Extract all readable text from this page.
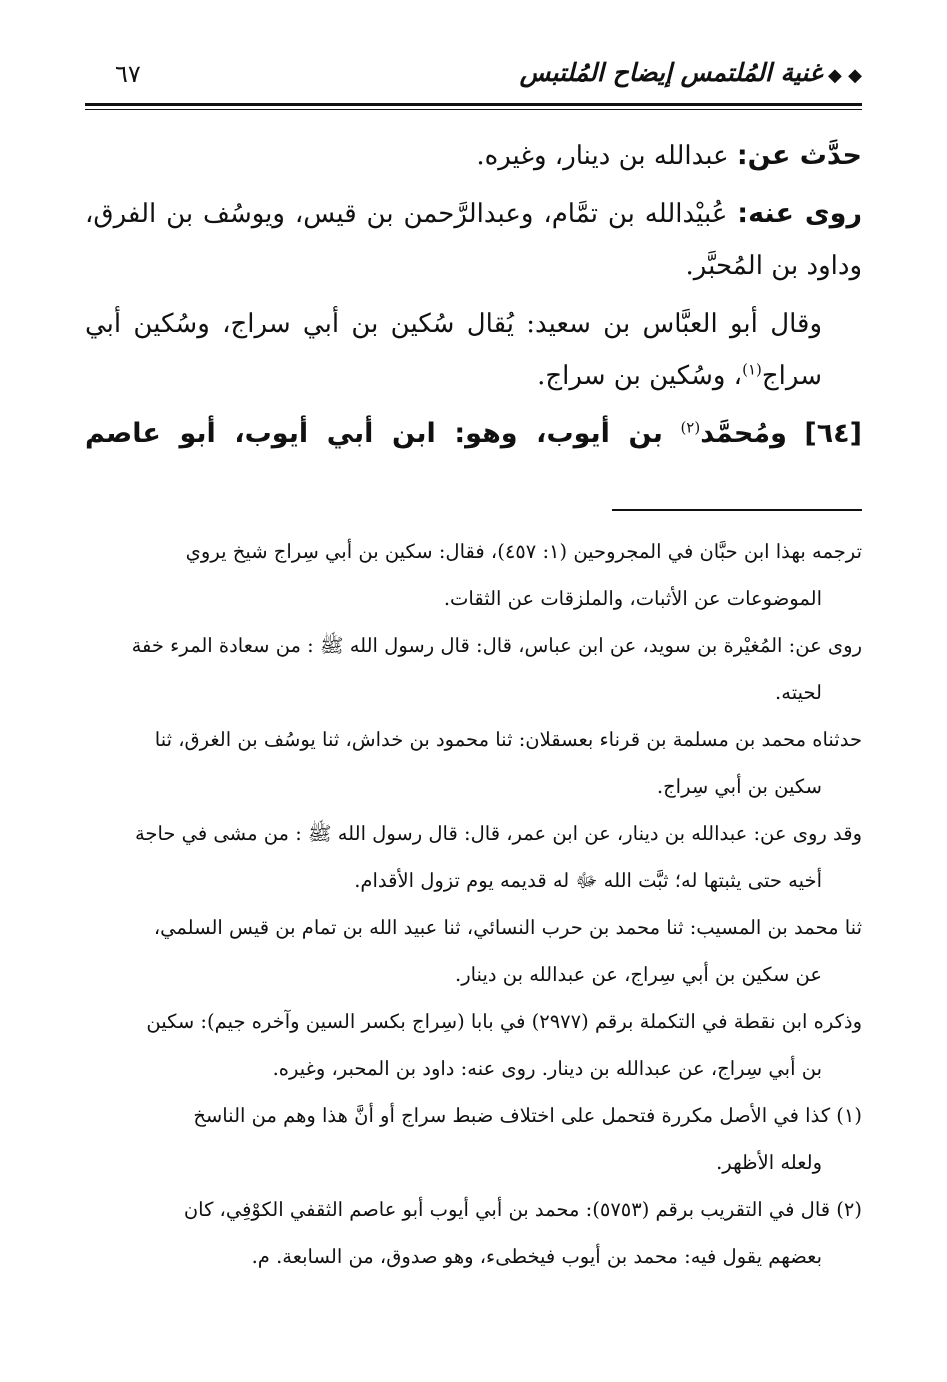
◆ ◆غنية المُلتمس إيضاح المُلتبس
٦٧

حدَّث عن: عبدالله بن دينار، وغيره.

روى عنه: عُبيْدالله بن تمَّام، وعبدالرَّحمن بن قيس، ويوسُف بن الفرق، وداود بن المُحبَّر.

وقال أبو العبَّاس بن سعيد: يُقال سُكين بن أبي سراج، وسُكين أبي سراج$^{(١)}$، وسُكين بن سراج.

[٦٤] ومُحمَّد$^{(٢)}$ بن أيوب، وهو: ابن أبي أيوب، أبو عاصم

ترجمه بهذا ابن حبَّان في المجروحين (١: ٤٥٧)، فقال: سكين بن أبي سِراج شيخ يروي
الموضوعات عن الأثبات، والملزقات عن الثقات.

روى عن: المُغيْرة بن سويد، عن ابن عباس، قال: قال رسول الله ﷺ : من سعادة المرء خفة
لحيته.

حدثناه محمد بن مسلمة بن قرناء بعسقلان: ثنا محمود بن خداش، ثنا يوسُف بن الغرق، ثنا
سكين بن أبي سِراج.

وقد روى عن: عبدالله بن دينار، عن ابن عمر، قال: قال رسول الله ﷺ : من مشى في حاجة
أخيه حتى يثبتها له؛ ثبَّت الله ﷻ له قديمه يوم تزول الأقدام.

ثنا محمد بن المسيب: ثنا محمد بن حرب النسائي، ثنا عبيد الله بن تمام بن قيس السلمي،
عن سكين بن أبي سِراج، عن عبدالله بن دينار.

وذكره ابن نقطة في التكملة برقم (٢٩٧٧) في بابا (سِراج بكسر السين وآخره جيم): سكين
بن أبي سِراج، عن عبدالله بن دينار. روى عنه: داود بن المحبر، وغيره.

(١) كذا في الأصل مكررة فتحمل على اختلاف ضبط سراج أو أنَّ هذا وهم من الناسخ
ولعله الأظهر.

(٢) قال في التقريب برقم (٥٧٥٣): محمد بن أبي أيوب أبو عاصم الثقفي الكوْفِي، كان
بعضهم يقول فيه: محمد بن أيوب فيخطىء، وهو صدوق، من السابعة. م.
